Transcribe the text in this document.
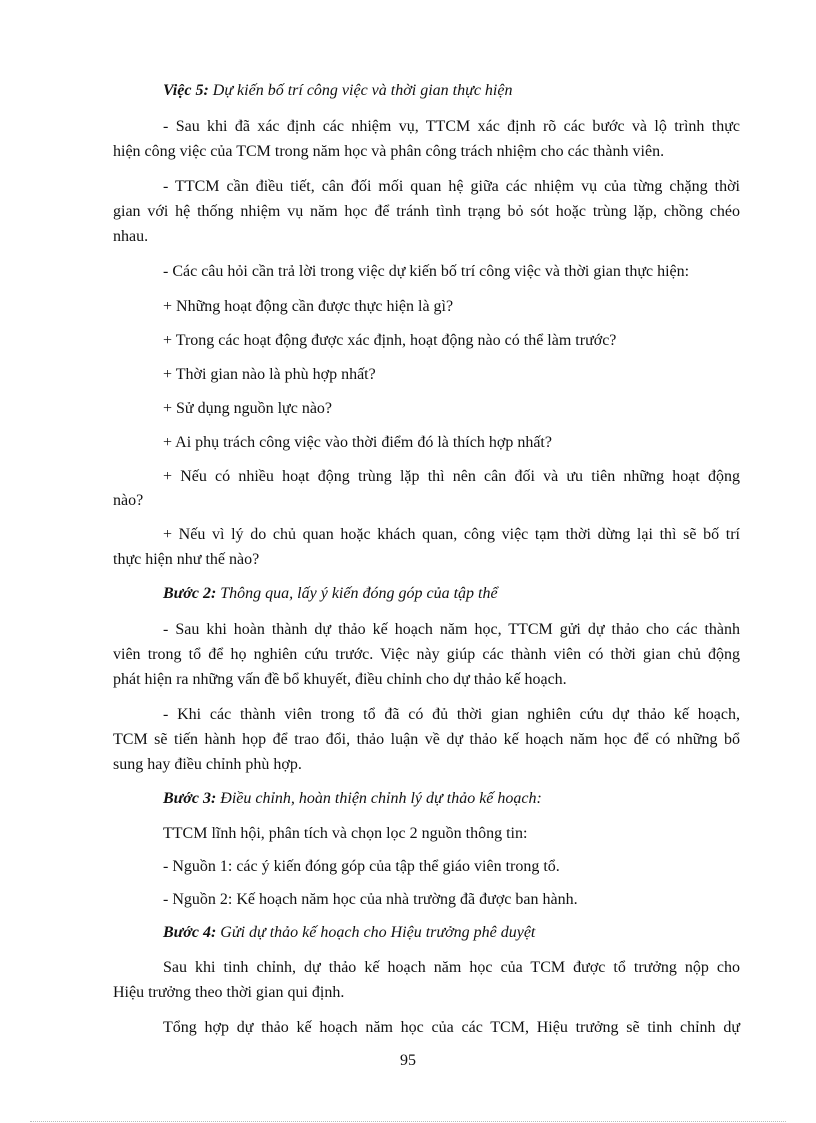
Việc 5: Dự kiến bố trí công việc và thời gian thực hiện
- Sau khi đã xác định các nhiệm vụ, TTCM xác định rõ các bước và lộ trình thực
hiện công việc của TCM trong năm học và phân công trách nhiệm cho các thành viên.
- TTCM cần điều tiết, cân đối mối quan hệ giữa các nhiệm vụ của từng chặng thời
gian với hệ thống nhiệm vụ năm học để tránh tình trạng bỏ sót hoặc trùng lặp, chồng chéo
nhau.
- Các câu hỏi cần trả lời trong việc dự kiến bố trí công việc và thời gian thực hiện:
+ Những hoạt động cần được thực hiện là gì?
+ Trong các hoạt động được xác định, hoạt động nào có thể làm trước?
+ Thời gian nào là phù hợp nhất?
+ Sử dụng nguồn lực nào?
+ Ai phụ trách công việc vào thời điểm đó là thích hợp nhất?
+ Nếu có nhiều hoạt động trùng lặp thì nên cân đối và ưu tiên những hoạt động
nào?
+ Nếu vì lý do chủ quan hoặc khách quan, công việc tạm thời dừng lại thì sẽ bố trí
thực hiện như thế nào?
Bước 2: Thông qua, lấy ý kiến đóng góp của tập thể
- Sau khi hoàn thành dự thảo kế hoạch năm học, TTCM gửi dự thảo cho các thành
viên trong tổ để họ nghiên cứu trước. Việc này giúp các thành viên có thời gian chủ động
phát hiện ra những vấn đề bổ khuyết, điều chỉnh cho dự thảo kế hoạch.
- Khi các thành viên trong tổ đã có đủ thời gian nghiên cứu dự thảo kế hoạch,
TCM sẽ tiến hành họp để trao đổi, thảo luận về dự thảo kế hoạch năm học để có những bổ
sung hay điều chỉnh phù hợp.
Bước 3: Điều chỉnh, hoàn thiện chỉnh lý dự thảo kế hoạch:
TTCM lĩnh hội, phân tích và chọn lọc 2 nguồn thông tin:
- Nguồn 1: các ý kiến đóng góp của tập thể giáo viên trong tổ.
- Nguồn 2: Kế hoạch năm học của nhà trường đã được ban hành.
Bước 4: Gửi dự thảo kế hoạch cho Hiệu trưởng phê duyệt
Sau khi tinh chỉnh, dự thảo kế hoạch năm học của TCM được tổ trưởng nộp cho
Hiệu trưởng theo thời gian qui định.
Tổng hợp dự thảo kế hoạch năm học của các TCM, Hiệu trưởng sẽ tinh chỉnh dự
95
